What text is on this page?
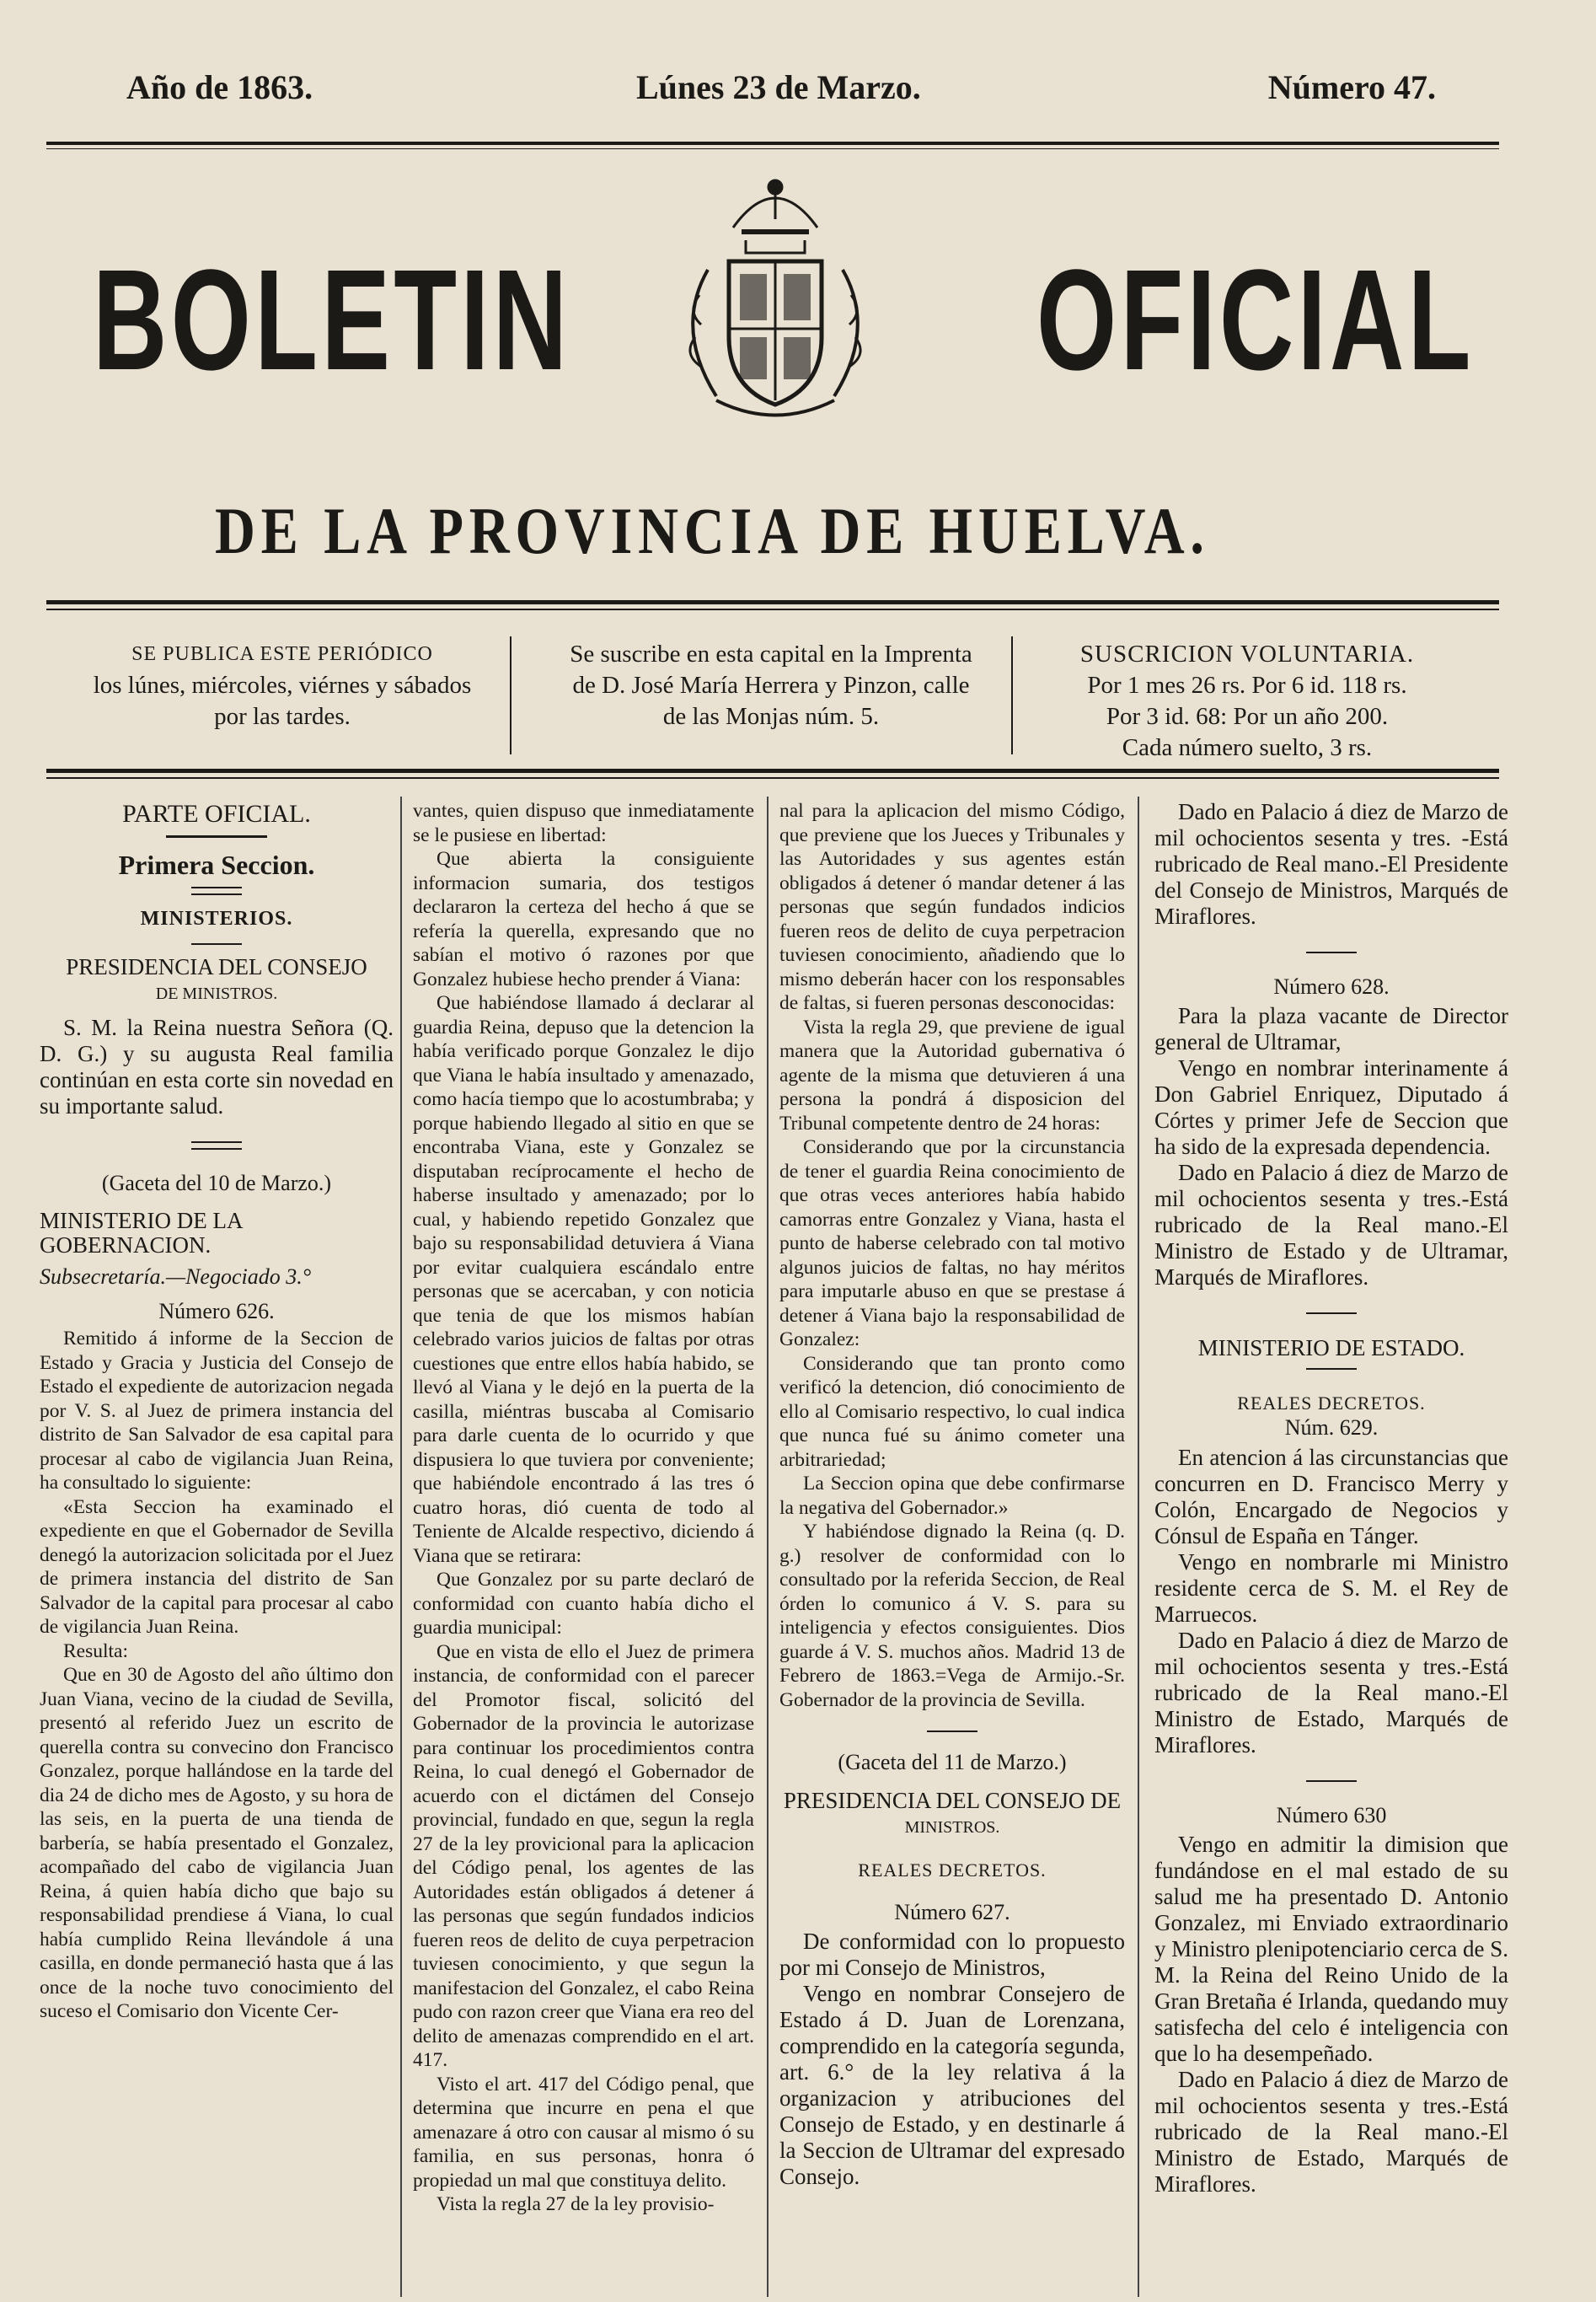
Año de 1863.	Lúnes 23 de Marzo.	Número 47.
BOLETIN	OFICIAL
DE LA PROVINCIA DE HUELVA.
SE PUBLICA ESTE PERIÓDICO
los lúnes, miércoles, viérnes y sábados
por las tardes.
Se suscribe en esta capital en la Imprenta
de D. José María Herrera y Pinzon, calle
de las Monjas núm. 5.
SUSCRICION VOLUNTARIA.
Por 1 mes 26 rs. Por 6 id. 118 rs.
Por 3 id. 68: Por un año 200.
Cada número suelto, 3 rs.

PARTE OFICIAL.

Primera Seccion.

MINISTERIOS.

PRESIDENCIA DEL CONSEJO

DE MINISTROS.

S. M. la Reina nuestra Señora (Q. D. G.) y su augusta Real familia continúan en esta corte sin novedad en su importante salud.

(Gaceta del 10 de Marzo.)

MINISTERIO DE LA GOBERNACION.

Subsecretaría.—Negociado 3.°

Número 626.

Remitido á informe de la Seccion de Estado y Gracia y Justicia del Consejo de Estado el expediente de autorizacion negada por V. S. al Juez de primera instancia del distrito de San Salvador de esa capital para procesar al cabo de vigilancia Juan Reina, ha consultado lo siguiente:

«Esta Seccion ha examinado el expediente en que el Gobernador de Sevilla denegó la autorizacion solicitada por el Juez de primera instancia del distrito de San Salvador de la capital para procesar al cabo de vigilancia Juan Reina.

Resulta:

Que en 30 de Agosto del año último don Juan Viana, vecino de la ciudad de Sevilla, presentó al referido Juez un escrito de querella contra su convecino don Francisco Gonzalez, porque hallándose en la tarde del dia 24 de dicho mes de Agosto, y su hora de las seis, en la puerta de una tienda de barbería, se había presentado el Gonzalez, acompañado del cabo de vigilancia Juan Reina, á quien había dicho que bajo su responsabilidad prendiese á Viana, lo cual había cumplido Reina llevándole á una casilla, en donde permaneció hasta que á las once de la noche tuvo conocimiento del suceso el Comisario don Vicente Cer-

vantes, quien dispuso que inmediatamente se le pusiese en libertad:

Que abierta la consiguiente informacion sumaria, dos testigos declararon la certeza del hecho á que se refería la querella, expresando que no sabían el motivo ó razones por que Gonzalez hubiese hecho prender á Viana:

Que habiéndose llamado á declarar al guardia Reina, depuso que la detencion la había verificado porque Gonzalez le dijo que Viana le había insultado y amenazado, como hacía tiempo que lo acostumbraba; y porque habiendo llegado al sitio en que se encontraba Viana, este y Gonzalez se disputaban recíprocamente el hecho de haberse insultado y amenazado; por lo cual, y habiendo repetido Gonzalez que bajo su responsabilidad detuviera á Viana por evitar cualquiera escándalo entre personas que se acercaban, y con noticia que tenia de que los mismos habían celebrado varios juicios de faltas por otras cuestiones que entre ellos había habido, se llevó al Viana y le dejó en la puerta de la casilla, miéntras buscaba al Comisario para darle cuenta de lo ocurrido y que dispusiera lo que tuviera por conveniente; que habiéndole encontrado á las tres ó cuatro horas, dió cuenta de todo al Teniente de Alcalde respectivo, diciendo á Viana que se retirara:

Que Gonzalez por su parte declaró de conformidad con cuanto había dicho el guardia municipal:

Que en vista de ello el Juez de primera instancia, de conformidad con el parecer del Promotor fiscal, solicitó del Gobernador de la provincia le autorizase para continuar los procedimientos contra Reina, lo cual denegó el Gobernador de acuerdo con el dictámen del Consejo provincial, fundado en que, segun la regla 27 de la ley provicional para la aplicacion del Código penal, los agentes de las Autoridades están obligados á detener á las personas que según fundados indicios fueren reos de delito de cuya perpetracion tuviesen conocimiento, y que segun la manifestacion del Gonzalez, el cabo Reina pudo con razon creer que Viana era reo del delito de amenazas comprendido en el art. 417.

Visto el art. 417 del Código penal, que determina que incurre en pena el que amenazare á otro con causar al mismo ó su familia, en sus personas, honra ó propiedad un mal que constituya delito.

Vista la regla 27 de la ley provisio-

nal para la aplicacion del mismo Código, que previene que los Jueces y Tribunales y las Autoridades y sus agentes están obligados á detener ó mandar detener á las personas que según fundados indicios fueren reos de delito de cuya perpetracion tuviesen conocimiento, añadiendo que lo mismo deberán hacer con los responsables de faltas, si fueren personas desconocidas:

Vista la regla 29, que previene de igual manera que la Autoridad gubernativa ó agente de la misma que detuvieren á una persona la pondrá á disposicion del Tribunal competente dentro de 24 horas:

Considerando que por la circunstancia de tener el guardia Reina conocimiento de que otras veces anteriores había habido camorras entre Gonzalez y Viana, hasta el punto de haberse celebrado con tal motivo algunos juicios de faltas, no hay méritos para imputarle abuso en que se prestase á detener á Viana bajo la responsabilidad de Gonzalez:

Considerando que tan pronto como verificó la detencion, dió conocimiento de ello al Comisario respectivo, lo cual indica que nunca fué su ánimo cometer una arbitrariedad;

La Seccion opina que debe confirmarse la negativa del Gobernador.»

Y habiéndose dignado la Reina (q. D. g.) resolver de conformidad con lo consultado por la referida Seccion, de Real órden lo comunico á V. S. para su inteligencia y efectos consiguientes. Dios guarde á V. S. muchos años. Madrid 13 de Febrero de 1863.=Vega de Armijo.-Sr. Gobernador de la provincia de Sevilla.

(Gaceta del 11 de Marzo.)

PRESIDENCIA DEL CONSEJO DE

MINISTROS.

REALES DECRETOS.

Número 627.

De conformidad con lo propuesto por mi Consejo de Ministros,

Vengo en nombrar Consejero de Estado á D. Juan de Lorenzana, comprendido en la categoría segunda, art. 6.° de la ley relativa á la organizacion y atribuciones del Consejo de Estado, y en destinarle á la Seccion de Ultramar del expresado Consejo.

Dado en Palacio á diez de Marzo de mil ochocientos sesenta y tres. -Está rubricado de Real mano.-El Presidente del Consejo de Ministros, Marqués de Miraflores.

Número 628.

Para la plaza vacante de Director general de Ultramar,

Vengo en nombrar interinamente á Don Gabriel Enriquez, Diputado á Córtes y primer Jefe de Seccion que ha sido de la expresada dependencia.

Dado en Palacio á diez de Marzo de mil ochocientos sesenta y tres.-Está rubricado de la Real mano.-El Ministro de Estado y de Ultramar, Marqués de Miraflores.

MINISTERIO DE ESTADO.

REALES DECRETOS.

Núm. 629.

En atencion á las circunstancias que concurren en D. Francisco Merry y Colón, Encargado de Negocios y Cónsul de España en Tánger.

Vengo en nombrarle mi Ministro residente cerca de S. M. el Rey de Marruecos.

Dado en Palacio á diez de Marzo de mil ochocientos sesenta y tres.-Está rubricado de la Real mano.-El Ministro de Estado, Marqués de Miraflores.

Número 630

Vengo en admitir la dimision que fundándose en el mal estado de su salud me ha presentado D. Antonio Gonzalez, mi Enviado extraordinario y Ministro plenipotenciario cerca de S. M. la Reina del Reino Unido de la Gran Bretaña é Irlanda, quedando muy satisfecha del celo é inteligencia con que lo ha desempeñado.

Dado en Palacio á diez de Marzo de mil ochocientos sesenta y tres.-Está rubricado de la Real mano.-El Ministro de Estado, Marqués de Miraflores.
